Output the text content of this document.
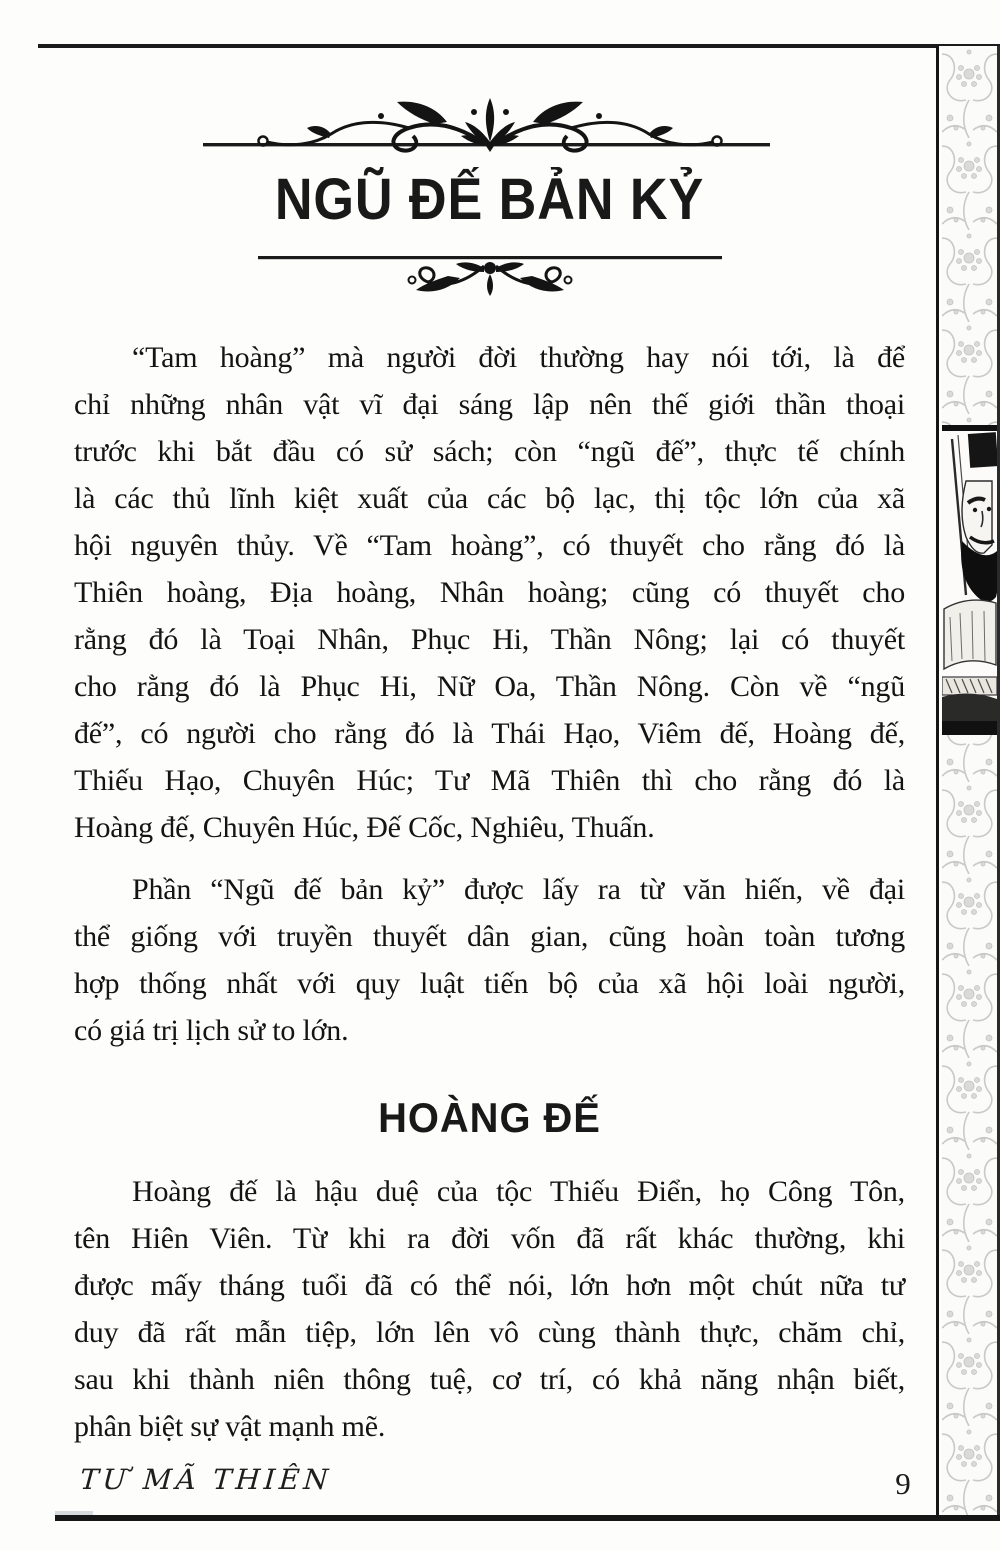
NGŨ ĐẾ BẢN KỶ
“Tam hoàng” mà người đời thường hay nói tới, là để
chỉ những nhân vật vĩ đại sáng lập nên thế giới thần thoại
trước khi bắt đầu có sử sách; còn “ngũ đế”, thực tế chính
là các thủ lĩnh kiệt xuất của các bộ lạc, thị tộc lớn của xã
hội nguyên thủy. Về “Tam hoàng”, có thuyết cho rằng đó là
Thiên hoàng, Địa hoàng, Nhân hoàng; cũng có thuyết cho
rằng đó là Toại Nhân, Phục Hi, Thần Nông; lại có thuyết
cho rằng đó là Phục Hi, Nữ Oa, Thần Nông. Còn về “ngũ
đế”, có người cho rằng đó là Thái Hạo, Viêm đế, Hoàng đế,
Thiếu Hạo, Chuyên Húc; Tư Mã Thiên thì cho rằng đó là
Hoàng đế, Chuyên Húc, Đế Cốc, Nghiêu, Thuấn.
Phần “Ngũ đế bản kỷ” được lấy ra từ văn hiến, về đại
thể giống với truyền thuyết dân gian, cũng hoàn toàn tương
hợp thống nhất với quy luật tiến bộ của xã hội loài người,
có giá trị lịch sử to lớn.
HOÀNG ĐẾ
Hoàng đế là hậu duệ của tộc Thiếu Điển, họ Công Tôn,
tên Hiên Viên. Từ khi ra đời vốn đã rất khác thường, khi
được mấy tháng tuổi đã có thể nói, lớn hơn một chút nữa tư
duy đã rất mẫn tiệp, lớn lên vô cùng thành thực, chăm chỉ,
sau khi thành niên thông tuệ, cơ trí, có khả năng nhận biết,
phân biệt sự vật mạnh mẽ.
TƯ MÃ THIÊN	9
